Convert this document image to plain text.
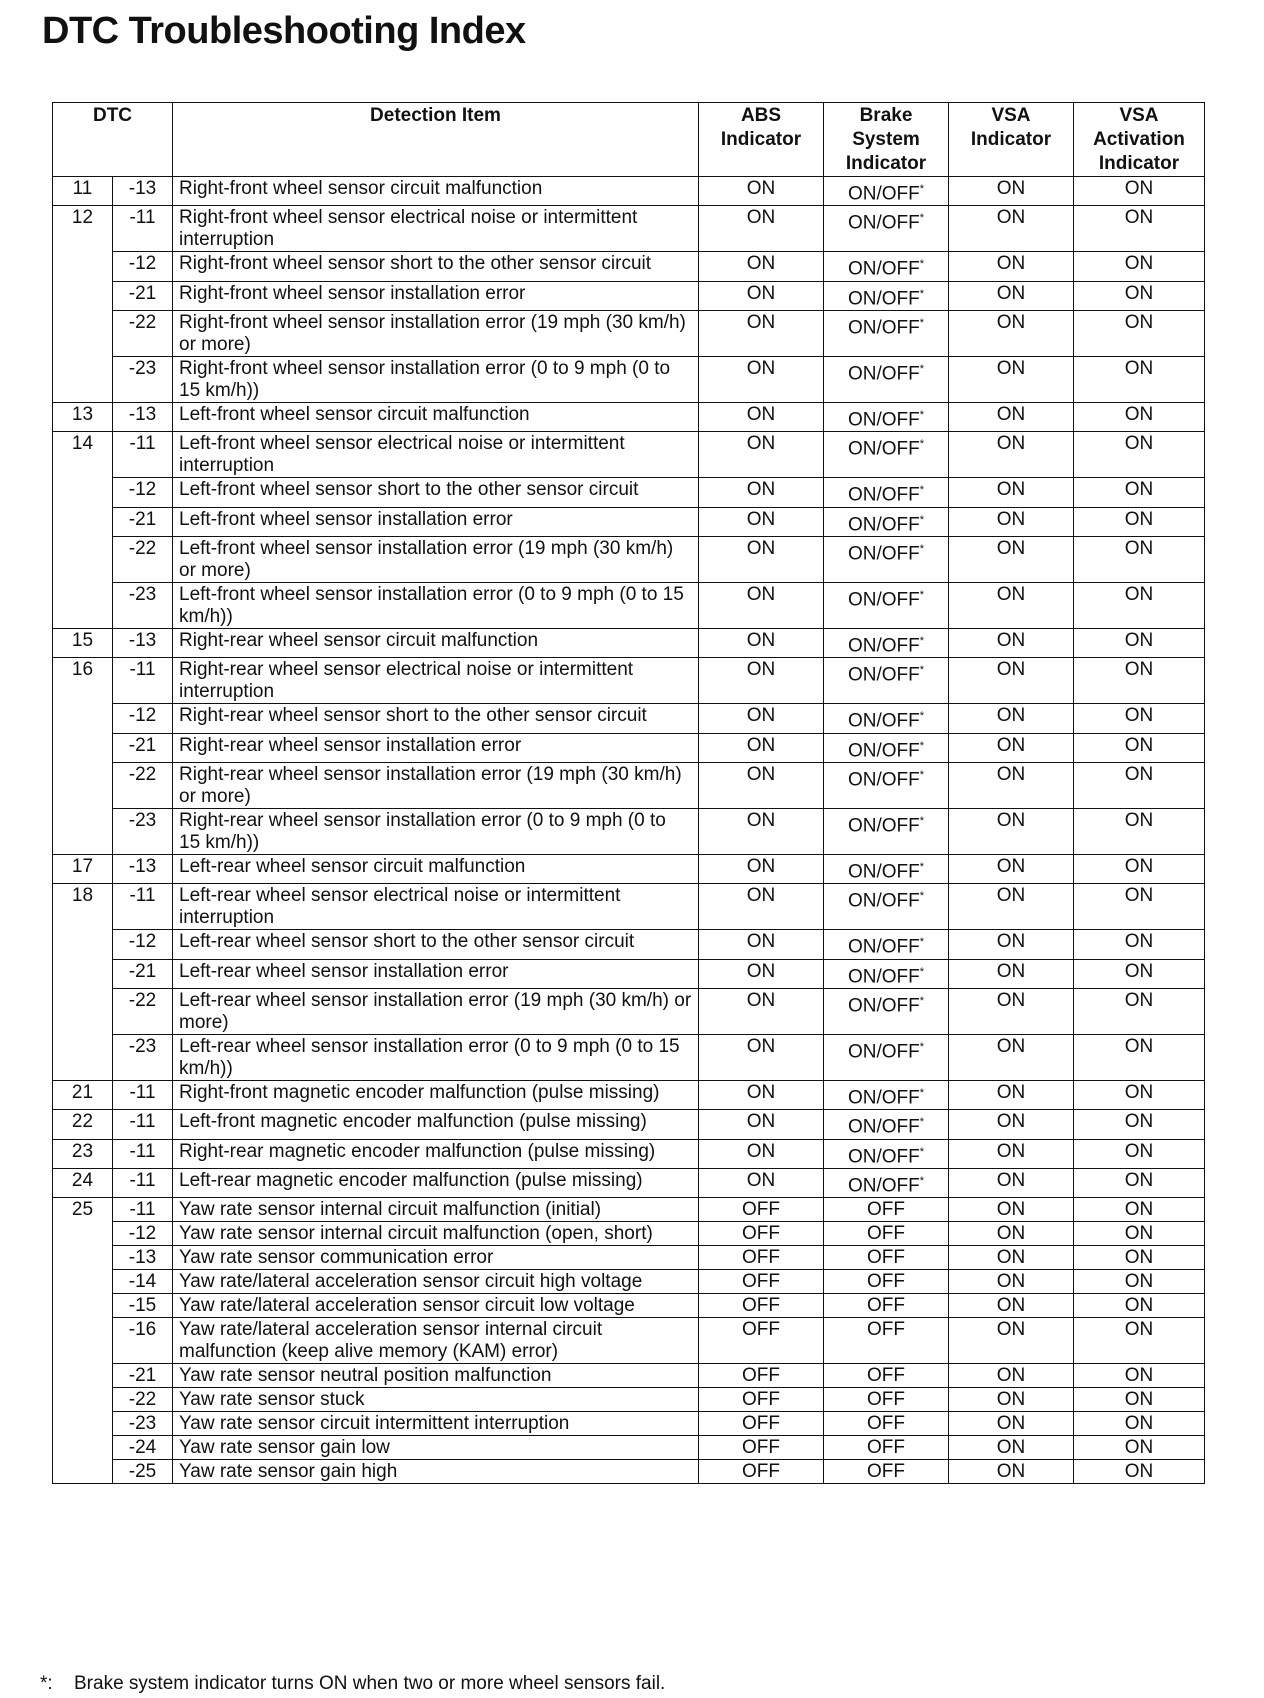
DTC Troubleshooting Index
DTC		Detection Item	ABS Indicator	Brake System Indicator	VSA Indicator	VSA Activation Indicator
11	-13	Right-front wheel sensor circuit malfunction	ON	ON/OFF*	ON	ON
12	-11	Right-front wheel sensor electrical noise or intermittent interruption	ON	ON/OFF*	ON	ON
	-12	Right-front wheel sensor short to the other sensor circuit	ON	ON/OFF*	ON	ON
	-21	Right-front wheel sensor installation error	ON	ON/OFF*	ON	ON
	-22	Right-front wheel sensor installation error (19 mph (30 km/h) or more)	ON	ON/OFF*	ON	ON
	-23	Right-front wheel sensor installation error (0 to 9 mph (0 to 15 km/h))	ON	ON/OFF*	ON	ON
13	-13	Left-front wheel sensor circuit malfunction	ON	ON/OFF*	ON	ON
14	-11	Left-front wheel sensor electrical noise or intermittent interruption	ON	ON/OFF*	ON	ON
	-12	Left-front wheel sensor short to the other sensor circuit	ON	ON/OFF*	ON	ON
	-21	Left-front wheel sensor installation error	ON	ON/OFF*	ON	ON
	-22	Left-front wheel sensor installation error (19 mph (30 km/h) or more)	ON	ON/OFF*	ON	ON
	-23	Left-front wheel sensor installation error (0 to 9 mph (0 to 15 km/h))	ON	ON/OFF*	ON	ON
15	-13	Right-rear wheel sensor circuit malfunction	ON	ON/OFF*	ON	ON
16	-11	Right-rear wheel sensor electrical noise or intermittent interruption	ON	ON/OFF*	ON	ON
	-12	Right-rear wheel sensor short to the other sensor circuit	ON	ON/OFF*	ON	ON
	-21	Right-rear wheel sensor installation error	ON	ON/OFF*	ON	ON
	-22	Right-rear wheel sensor installation error (19 mph (30 km/h) or more)	ON	ON/OFF*	ON	ON
	-23	Right-rear wheel sensor installation error (0 to 9 mph (0 to 15 km/h))	ON	ON/OFF*	ON	ON
17	-13	Left-rear wheel sensor circuit malfunction	ON	ON/OFF*	ON	ON
18	-11	Left-rear wheel sensor electrical noise or intermittent interruption	ON	ON/OFF*	ON	ON
	-12	Left-rear wheel sensor short to the other sensor circuit	ON	ON/OFF*	ON	ON
	-21	Left-rear wheel sensor installation error	ON	ON/OFF*	ON	ON
	-22	Left-rear wheel sensor installation error (19 mph (30 km/h) or more)	ON	ON/OFF*	ON	ON
	-23	Left-rear wheel sensor installation error (0 to 9 mph (0 to 15 km/h))	ON	ON/OFF*	ON	ON
21	-11	Right-front magnetic encoder malfunction (pulse missing)	ON	ON/OFF*	ON	ON
22	-11	Left-front magnetic encoder malfunction (pulse missing)	ON	ON/OFF*	ON	ON
23	-11	Right-rear magnetic encoder malfunction (pulse missing)	ON	ON/OFF*	ON	ON
24	-11	Left-rear magnetic encoder malfunction (pulse missing)	ON	ON/OFF*	ON	ON
25	-11	Yaw rate sensor internal circuit malfunction (initial)	OFF	OFF	ON	ON
	-12	Yaw rate sensor internal circuit malfunction (open, short)	OFF	OFF	ON	ON
	-13	Yaw rate sensor communication error	OFF	OFF	ON	ON
	-14	Yaw rate/lateral acceleration sensor circuit high voltage	OFF	OFF	ON	ON
	-15	Yaw rate/lateral acceleration sensor circuit low voltage	OFF	OFF	ON	ON
	-16	Yaw rate/lateral acceleration sensor internal circuit malfunction (keep alive memory (KAM) error)	OFF	OFF	ON	ON
	-21	Yaw rate sensor neutral position malfunction	OFF	OFF	ON	ON
	-22	Yaw rate sensor stuck	OFF	OFF	ON	ON
	-23	Yaw rate sensor circuit intermittent interruption	OFF	OFF	ON	ON
	-24	Yaw rate sensor gain low	OFF	OFF	ON	ON
	-25	Yaw rate sensor gain high	OFF	OFF	ON	ON
*: Brake system indicator turns ON when two or more wheel sensors fail.
